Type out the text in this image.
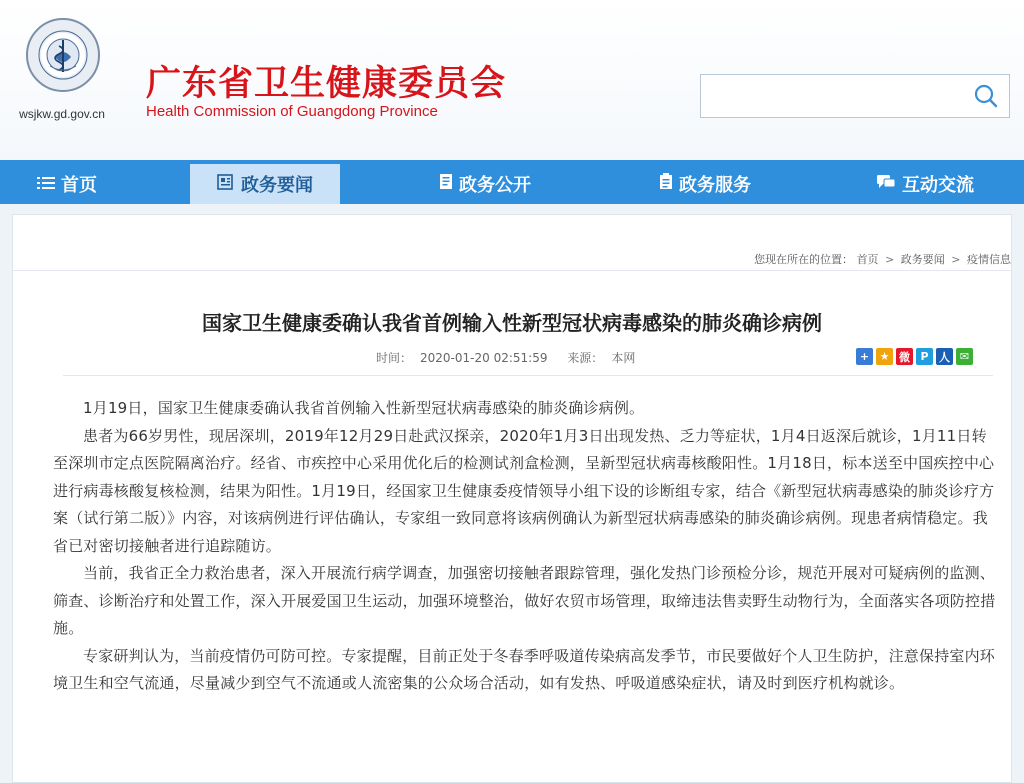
wsjkw.gd.gov.cn
广东省卫生健康委员会
Health Commission of Guangdong Province
首页	政务要闻	政务公开	政务服务	互动交流
您现在所在的位置： 首页 > 政务要闻 > 疫情信息
国家卫生健康委确认我省首例输入性新型冠状病毒感染的肺炎确诊病例
时间： 2020-01-20 02:51:59 来源： 本网	+ ★ 微 P 人 ✉

1月19日，国家卫生健康委确认我省首例输入性新型冠状病毒感染的肺炎确诊病例。

患者为66岁男性，现居深圳，2019年12月29日赴武汉探亲，2020年1月3日出现发热、乏力等症状，1月4日返深后就诊，1月11日转至深圳市定点医院隔离治疗。经省、市疾控中心采用优化后的检测试剂盒检测，呈新型冠状病毒核酸阳性。1月18日，标本送至中国疾控中心进行病毒核酸复核检测，结果为阳性。1月19日，经国家卫生健康委疫情领导小组下设的诊断组专家，结合《新型冠状病毒感染的肺炎诊疗方案（试行第二版）》内容，对该病例进行评估确认，专家组一致同意将该病例确认为新型冠状病毒感染的肺炎确诊病例。现患者病情稳定。我省已对密切接触者进行追踪随访。

当前，我省正全力救治患者，深入开展流行病学调查，加强密切接触者跟踪管理，强化发热门诊预检分诊，规范开展对可疑病例的监测、筛查、诊断治疗和处置工作，深入开展爱国卫生运动，加强环境整治，做好农贸市场管理，取缔违法售卖野生动物行为，全面落实各项防控措施。

专家研判认为，当前疫情仍可防可控。专家提醒，目前正处于冬春季呼吸道传染病高发季节，市民要做好个人卫生防护，注意保持室内环境卫生和空气流通，尽量减少到空气不流通或人流密集的公众场合活动，如有发热、呼吸道感染症状，请及时到医疗机构就诊。
